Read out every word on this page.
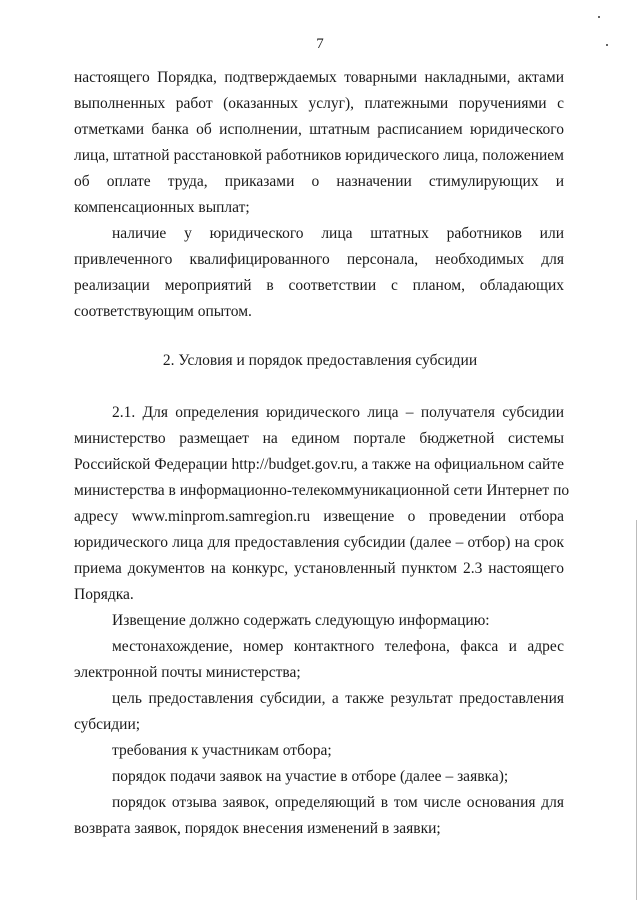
7
настоящего Порядка, подтверждаемых товарными накладными, актами
выполненных работ (оказанных услуг), платежными поручениями с
отметками банка об исполнении, штатным расписанием юридического
лица, штатной расстановкой работников юридического лица, положением
об оплате труда, приказами о назначении стимулирующих и
компенсационных выплат;
наличие у юридического лица штатных работников или
привлеченного квалифицированного персонала, необходимых для
реализации мероприятий в соответствии с планом, обладающих
соответствующим опытом.
2. Условия и порядок предоставления субсидии
2.1. Для определения юридического лица – получателя субсидии
министерство размещает на едином портале бюджетной системы
Российской Федерации http://budget.gov.ru, а также на официальном сайте
министерства в информационно-телекоммуникационной сети Интернет по
адресу www.minprom.samregion.ru извещение о проведении отбора
юридического лица для предоставления субсидии (далее – отбор) на срок
приема документов на конкурс, установленный пунктом 2.3 настоящего
Порядка.
Извещение должно содержать следующую информацию:
местонахождение, номер контактного телефона, факса и адрес
электронной почты министерства;
цель предоставления субсидии, а также результат предоставления
субсидии;
требования к участникам отбора;
порядок подачи заявок на участие в отборе (далее – заявка);
порядок отзыва заявок, определяющий в том числе основания для
возврата заявок, порядок внесения изменений в заявки;
